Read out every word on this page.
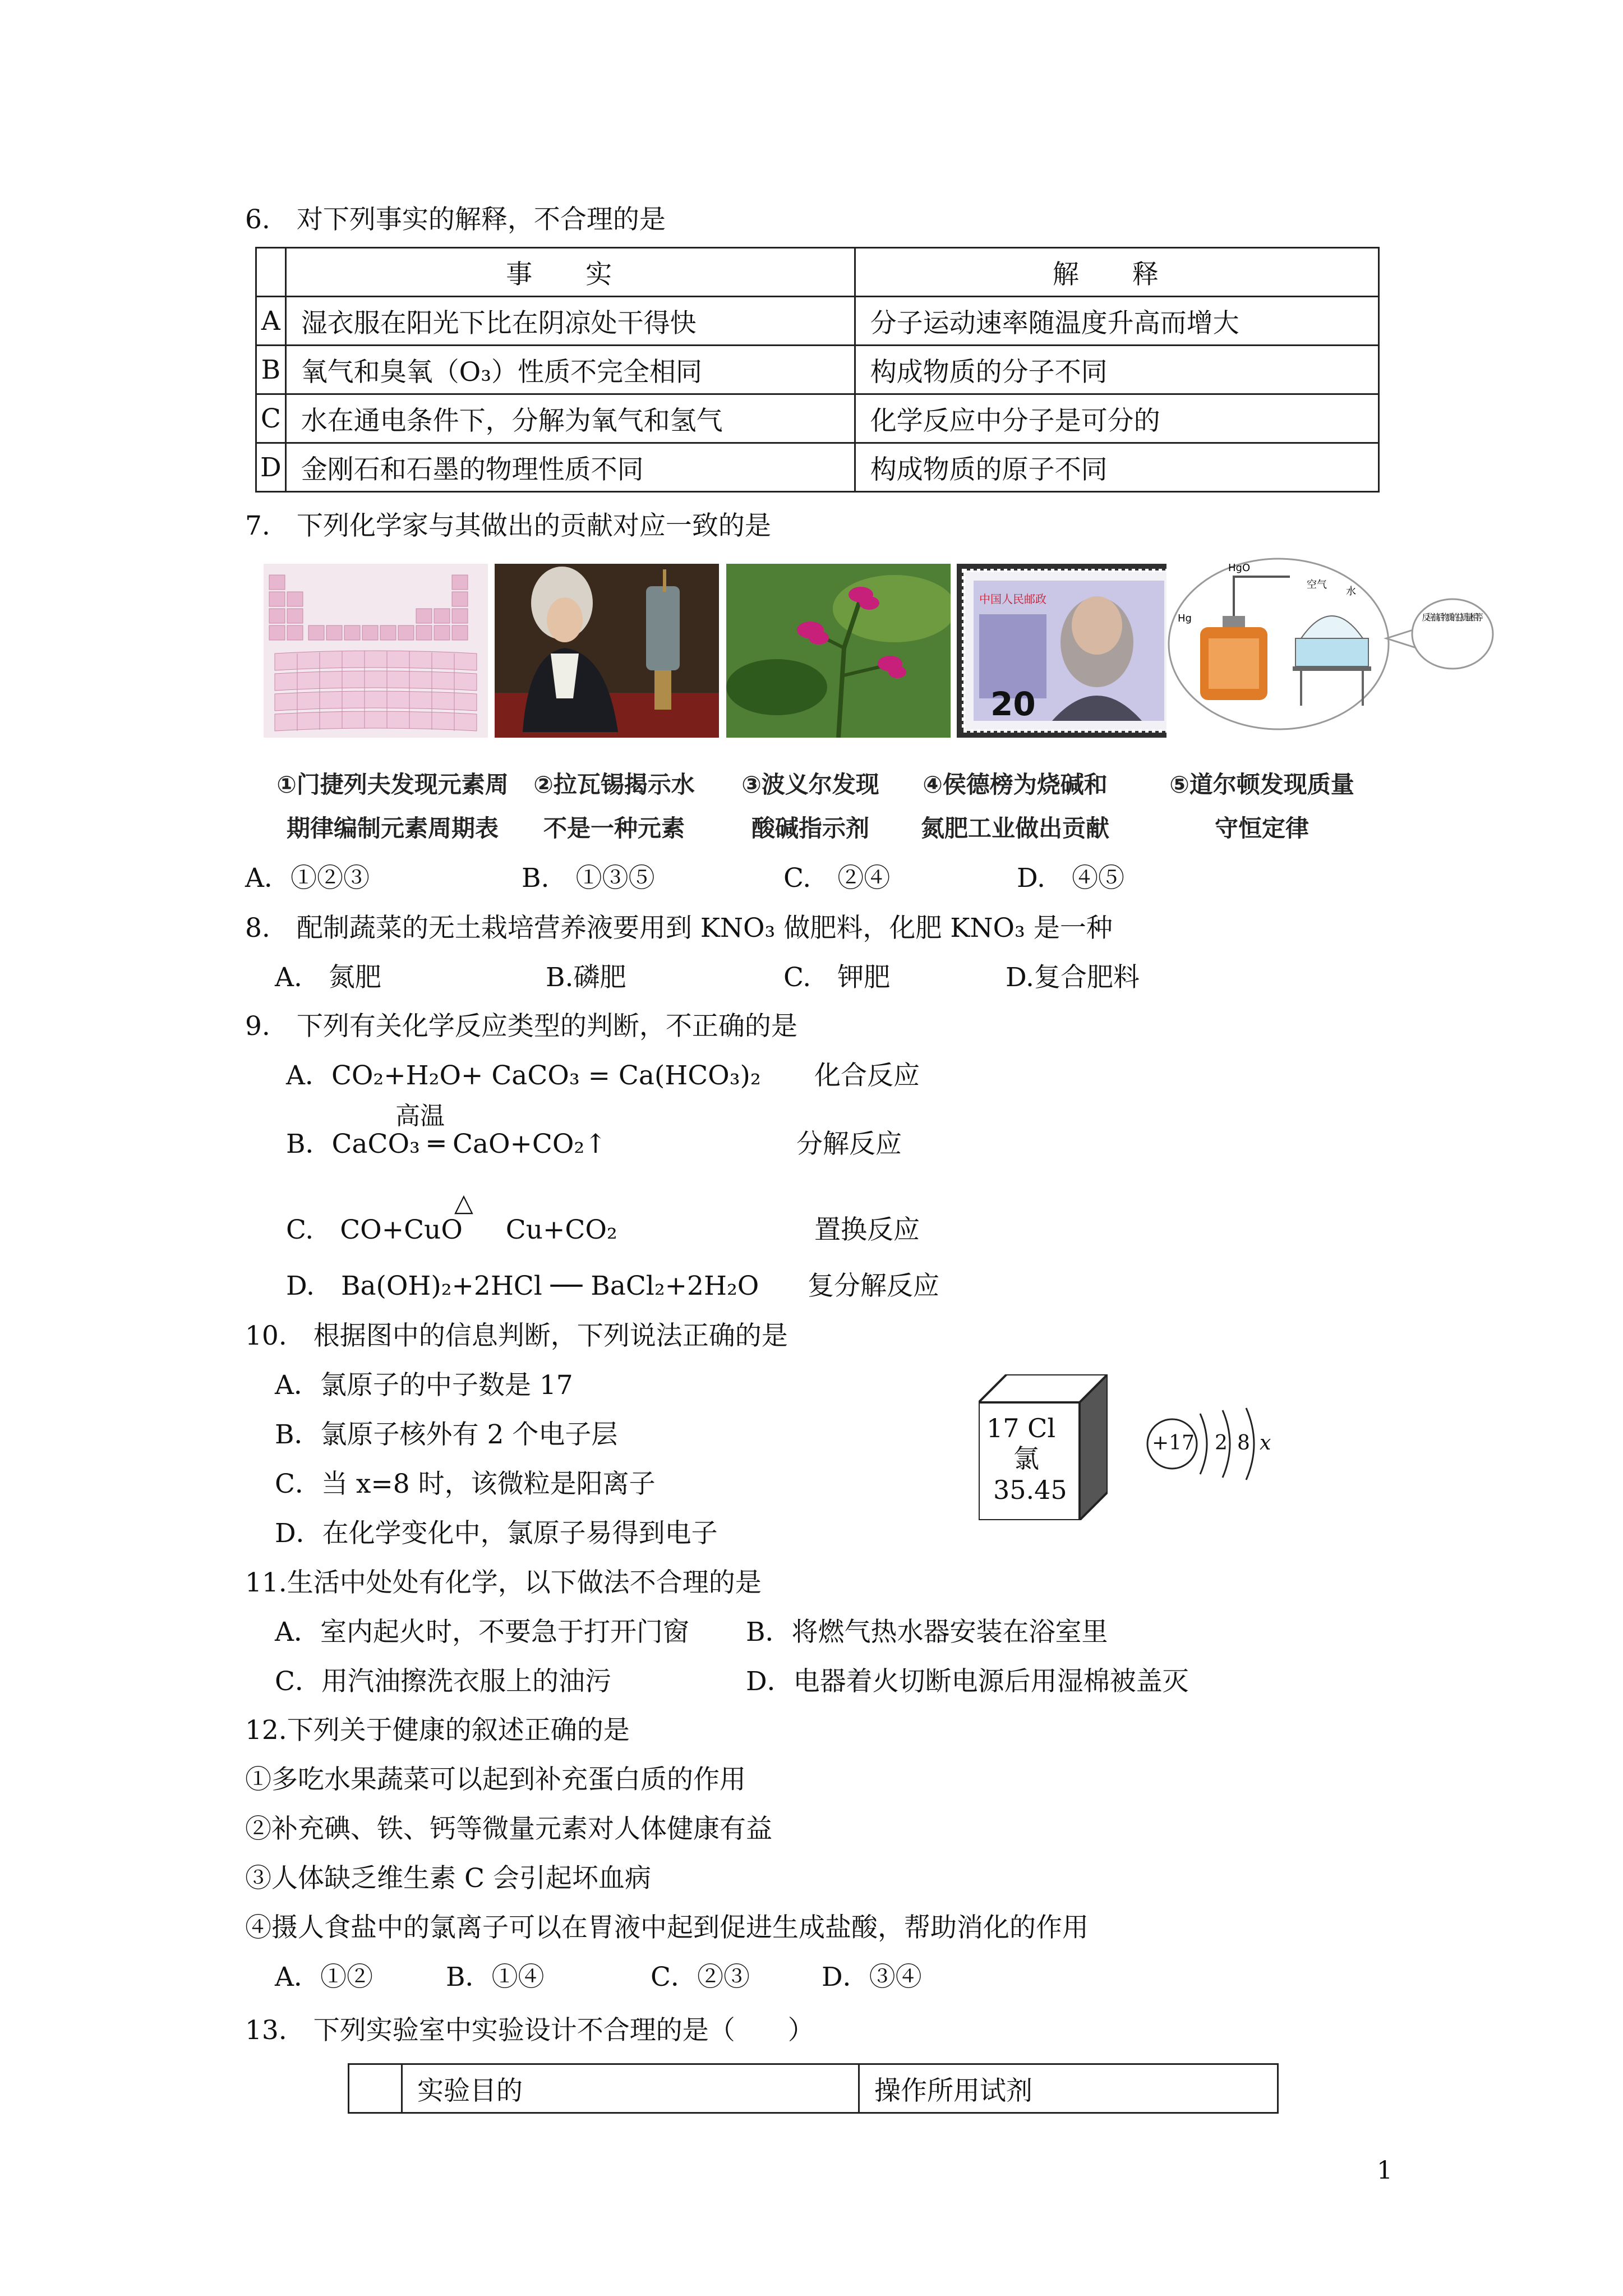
6.　对下列事实的解释，不合理的是
	事 实	解 释
A	湿衣服在阳光下比在阴凉处干得快	分子运动速率随温度升高而增大
B	氧气和臭氧（O₃）性质不完全相同	构成物质的分子不同
C	水在通电条件下，分解为氧气和氢气	化学反应中分子是可分的
D	金刚石和石墨的物理性质不同	构成物质的原子不同
7.　下列化学家与其做出的贡献对应一致的是
中国人民邮政
20
反应前后物质的总质量相等
HgO
空气
水
Hg
①门捷列夫发现元素周
期律编制元素周期表
②拉瓦锡揭示水
不是一种元素
③波义尔发现
酸碱指示剂
④侯德榜为烧碱和
氮肥工业做出贡献
⑤道尔顿发现质量
守恒定律
A．①②③	B.　①③⑤	C.　②④	D.　④⑤
8.　配制蔬菜的无土栽培营养液要用到 KNO₃ 做肥料，化肥 KNO₃ 是一种
A.　氮肥	B.磷肥	C.　钾肥	D.复合肥料
9.　下列有关化学反应类型的判断，不正确的是
A．CO₂+H₂O+ CaCO₃ = Ca(HCO₃)₂ 化合反应
高温
B．CaCO₃ ═ CaO+CO₂↑	分解反应
△
C.　CO+CuO 　 Cu+CO₂	置换反应
D.　Ba(OH)₂+2HCl ── BaCl₂+2H₂O 复分解反应
10.　根据图中的信息判断，下列说法正确的是
A．氯原子的中子数是 17
B．氯原子核外有 2 个电子层
C．当 x=8 时，该微粒是阳离子
D．在化学变化中，氯原子易得到电子
17 Cl
氯
35.45
+17 2 8 x
11.生活中处处有化学，以下做法不合理的是
A．室内起火时，不要急于打开门窗 B．将燃气热水器安装在浴室里
C．用汽油擦洗衣服上的油污	D．电器着火切断电源后用湿棉被盖灭
12.下列关于健康的叙述正确的是
①多吃水果蔬菜可以起到补充蛋白质的作用
②补充碘、铁、钙等微量元素对人体健康有益
③人体缺乏维生素 C 会引起坏血病
④摄人食盐中的氯离子可以在胃液中起到促进生成盐酸，帮助消化的作用
A．①②	B．①④	C．②③	D．③④
13.　下列实验室中实验设计不合理的是（　　）
	实验目的	操作所用试剂
1
